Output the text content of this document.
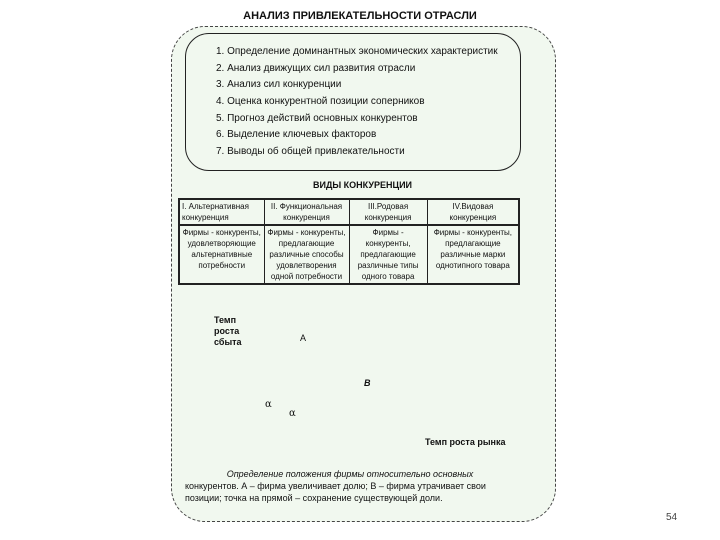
АНАЛИЗ ПРИВЛЕКАТЕЛЬНОСТИ ОТРАСЛИ
1. Определение доминантных экономических характеристик
2. Анализ движущих сил развития отрасли
3. Анализ сил конкуренции
4. Оценка конкурентной позиции соперников
5. Прогноз действий основных конкурентов
6. Выделение ключевых факторов
7. Выводы об общей привлекательности
ВИДЫ КОНКУРЕНЦИИ
I. Альтернативная конкуренция	II. Функциональная конкуренция	III.Родовая конкуренция	IV.Видовая конкуренция
Фирмы - конкуренты, удовлетворяющие альтернативные потребности	Фирмы - конкуренты, предлагающие различные способы удовлетворения одной потребности	Фирмы - конкуренты, предлагающие различные типы одного товара	Фирмы - конкуренты, предлагающие различные марки однотипного товара
Темп роста сбыта	А
В
α
α
Темп роста рынка
Определение положения фирмы относительно основных
конкурентов. А – фирма увеличивает долю; В – фирма утрачивает свои позиции; точка на прямой – сохранение существующей доли.
54
